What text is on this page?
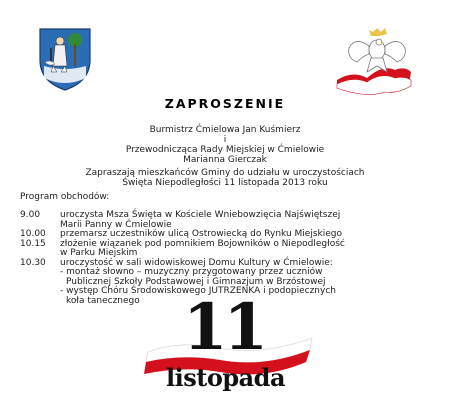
ZAPROSZENIE
Burmistrz Ćmielowa Jan Kuśmierz
i
Przewodnicząca Rady Miejskiej w Ćmielowie
Marianna Gierczak
Zapraszają mieszkańców Gminy do udziału w uroczystościach
Święta Niepodległości 11 listopada 2013 roku
Program obchodów:
9.00	uroczysta Msza Święta w Kościele Wniebowzięcia Najświętszej
Marii Panny w Ćmielowie
10.00	przemarsz uczestników ulicą Ostrowiecką do Rynku Miejskiego
10.15	złożenie wiązanek pod pomnikiem Bojowników o Niepodległość
w Parku Miejskim
10.30	uroczystość w sali widowiskowej Domu Kultury w Ćmielowie:
- montaż słowno – muzyczny przygotowany przez uczniów
Publicznej Szkoły Podstawowej i Gimnazjum w Brzóstowej
- występ Chóru Środowiskowego JUTRZENKA i podopiecznych
koła tanecznego 11
listopada
